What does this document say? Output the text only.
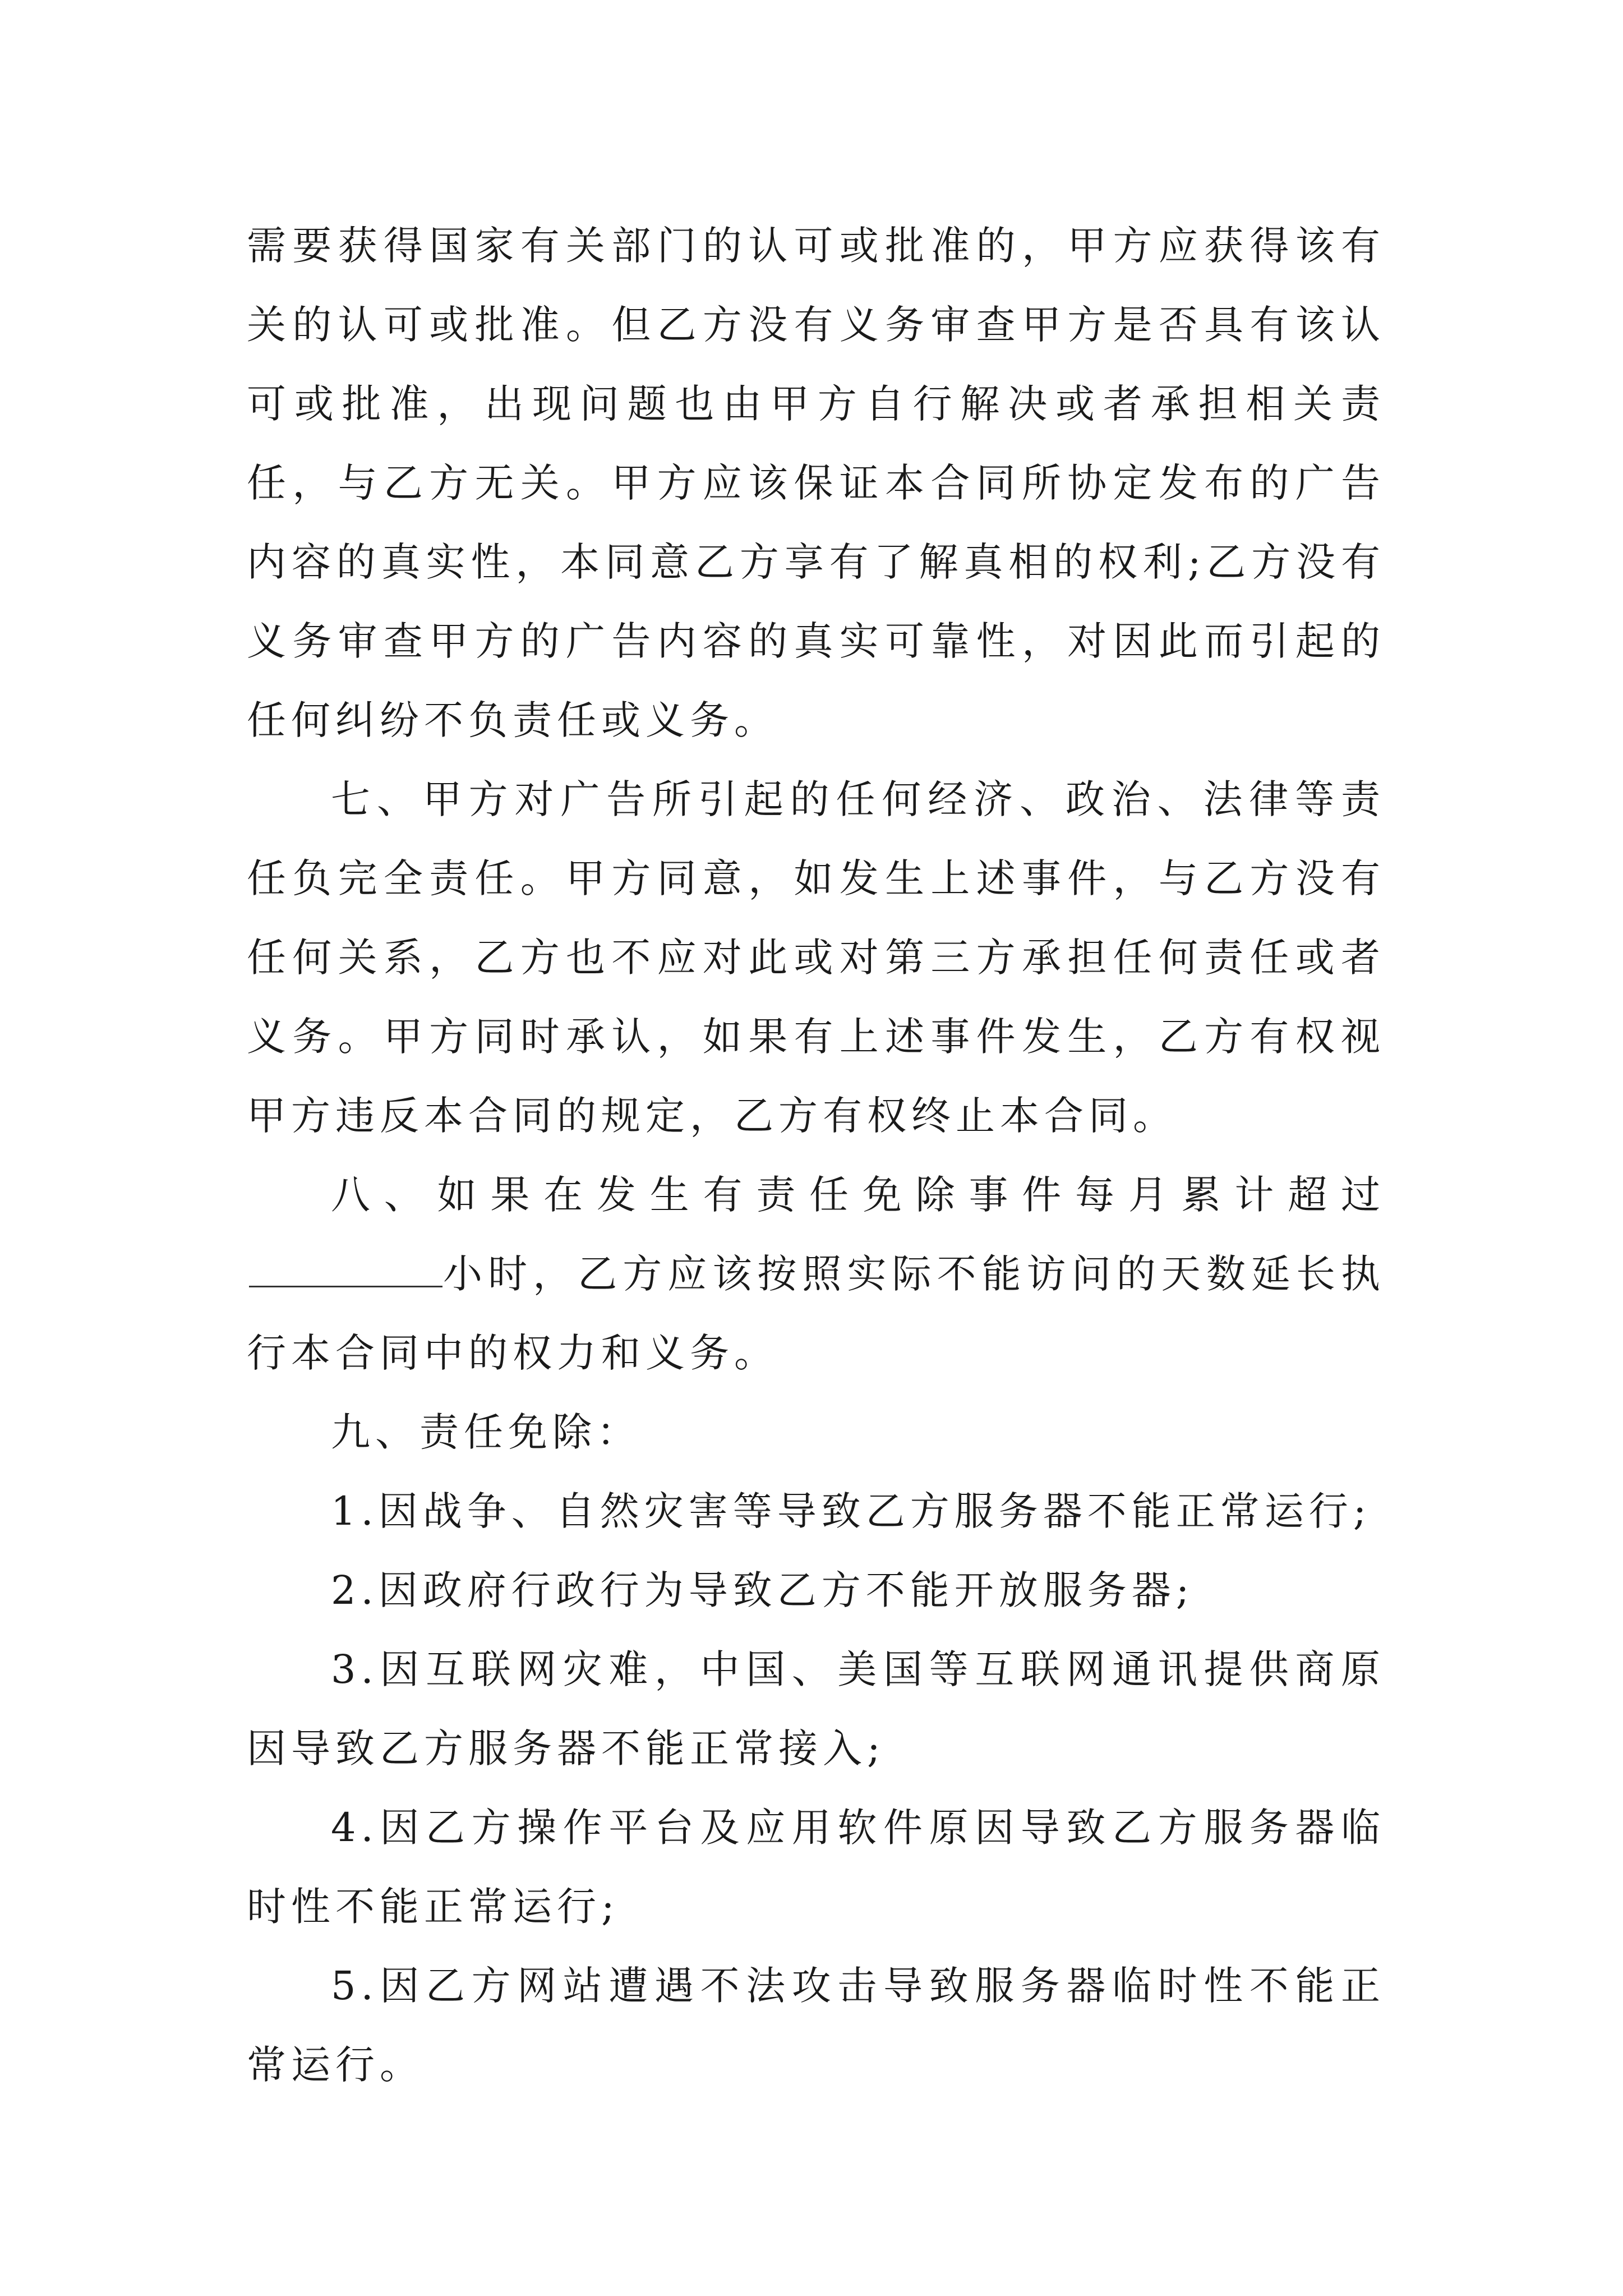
需要获得国家有关部门的认可或批准的，甲方应获得该有关的认可或批准。但乙方没有义务审查甲方是否具有该认可或批准，出现问题也由甲方自行解决或者承担相关责任，与乙方无关。甲方应该保证本合同所协定发布的广告内容的真实性，本同意乙方享有了解真相的权利;乙方没有义务审查甲方的广告内容的真实可靠性，对因此而引起的任何纠纷不负责任或义务。

七、甲方对广告所引起的任何经济、政治、法律等责任负完全责任。甲方同意，如发生上述事件，与乙方没有任何关系，乙方也不应对此或对第三方承担任何责任或者义务。甲方同时承认，如果有上述事件发生，乙方有权视甲方违反本合同的规定，乙方有权终止本合同。

八、如果在发生有责任免除事件每月累计超过小时，乙方应该按照实际不能访问的天数延长执行本合同中的权力和义务。

九、责任免除：

1.因战争、自然灾害等导致乙方服务器不能正常运行;

2.因政府行政行为导致乙方不能开放服务器;

3.因互联网灾难，中国、美国等互联网通讯提供商原因导致乙方服务器不能正常接入;

4.因乙方操作平台及应用软件原因导致乙方服务器临时性不能正常运行;

5.因乙方网站遭遇不法攻击导致服务器临时性不能正常运行。
